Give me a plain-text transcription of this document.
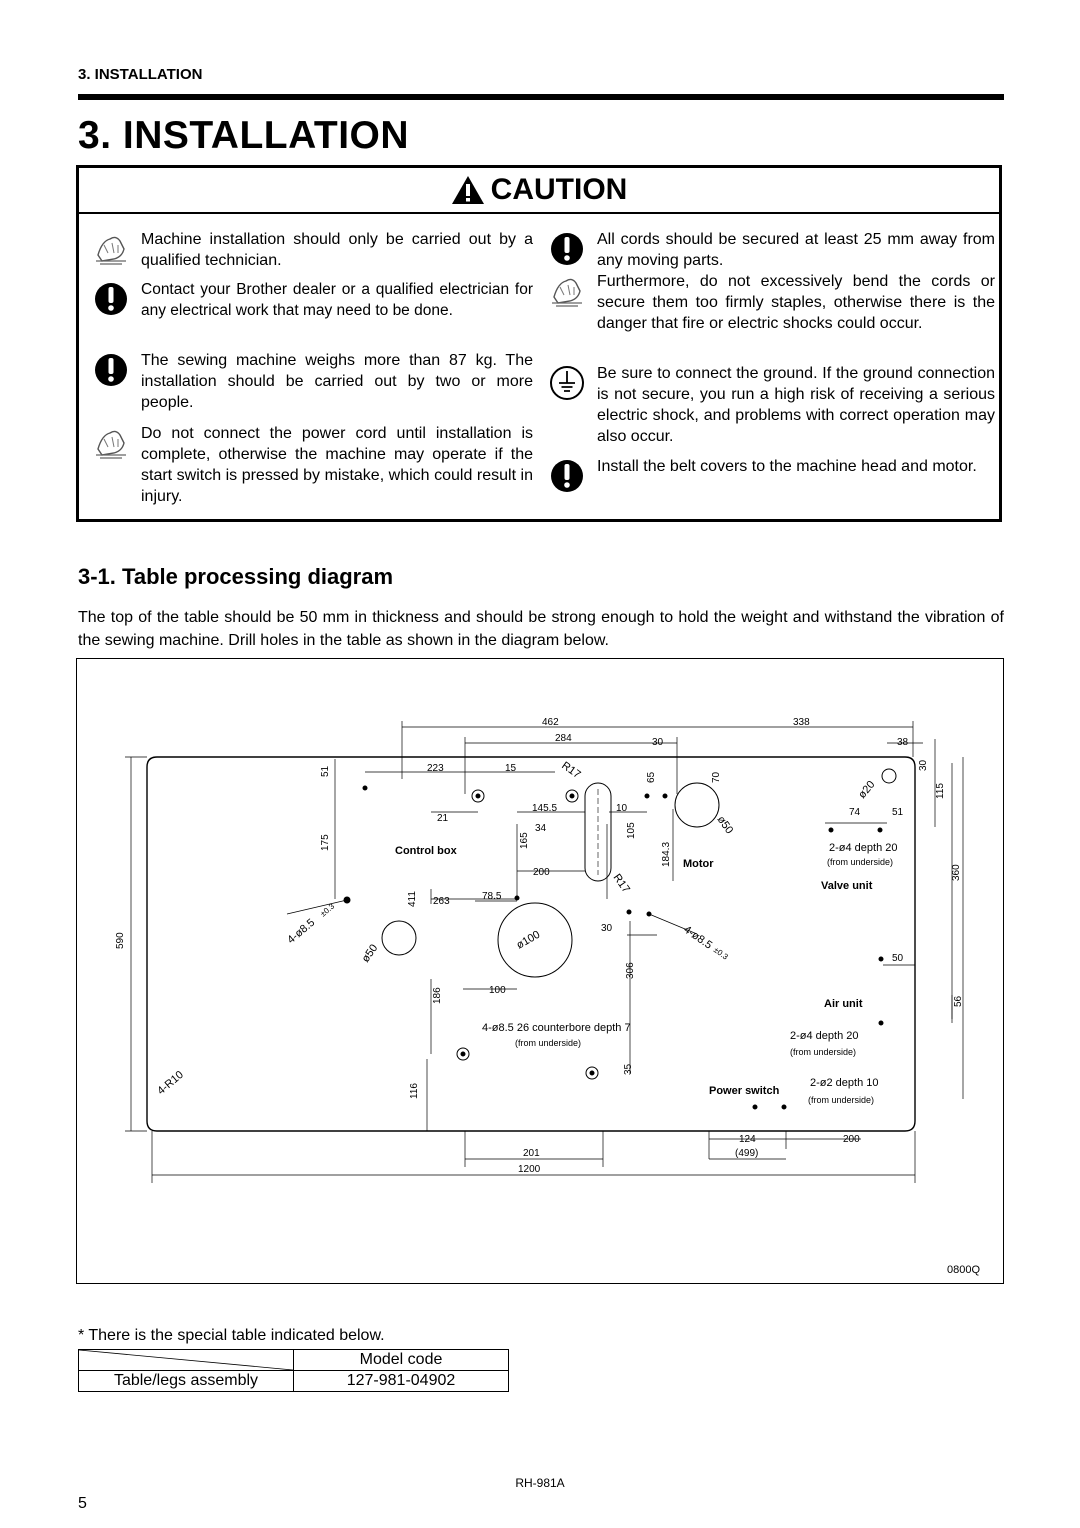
3. INSTALLATION
3. INSTALLATION
CAUTION
Machine installation should only be carried out by a qualified technician.
Contact your Brother dealer or a qualified electrician for any electrical work that may need to be done.
The sewing machine weighs more than 87 kg. The installation should be carried out by two or more people.
Do not connect the power cord until installation is complete, otherwise the machine may operate if the start switch is pressed by mistake, which could result in injury.
All cords should be secured at least 25 mm away from any moving parts.
Furthermore, do not excessively bend the cords or secure them too firmly staples, otherwise there is the danger that fire or electric shocks could occur.
Be sure to connect the ground. If the ground connection is not secure, you run a high risk of receiving a serious electric shock, and problems with correct operation may also occur.
Install the belt covers to the machine head and motor.
3-1. Table processing diagram
The top of the table should be 50 mm in thickness and should be strong enough to hold the weight and withstand the vibration of the sewing machine. Drill holes in the table as shown in the diagram below.
462	338
284	30	38
51	223	15
65	70
30
115
21
145.5	10	74	51
175
34
165
105
184.3
200	360
411 263	78.5
30
590
306
50
186	100
56
35
116
124	200
201	(499)
1200
Control box
Motor
Valve unit
Air unit
Power switch
2-ø4 depth 20
(from underside)
2-ø4 depth 20
(from underside)
2-ø2 depth 10
(from underside)
4-ø8.5 26 counterbore depth 7
(from underside)
4-ø8.5
±0.3
4-ø8.5
±0.3
4-R10
R17
R17
ø50
ø50
ø100
ø20
0800Q
* There is the special table indicated below.
	Model code
Table/legs assembly	127-981-04902
RH-981A
5
